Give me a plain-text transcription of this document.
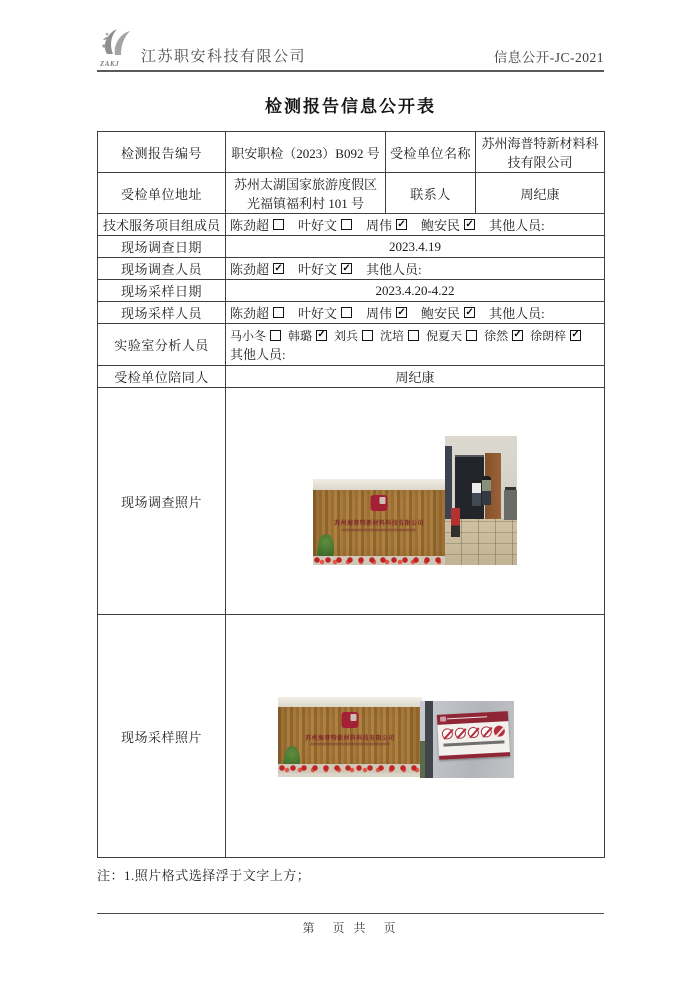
ZAKJ 江苏职安科技有限公司	信息公开-JC-2021
检测报告信息公开表
检测报告编号	职安职检（2023）B092 号	受检单位名称	苏州海普特新材料科技有限公司
受检单位地址	苏州太湖国家旅游度假区光福镇福利村 101 号	联系人	周纪康
技术服务项目组成员	陈劲超 叶好文 周伟 ✓ 鲍安民 ✓ 其他人员:

现场调查日期	2023.4.19		
现场调查人员	陈劲超 ✓ 叶好文 ✓ 其他人员:		

现场采样日期	2023.4.20-4.22		
现场采样人员	陈劲超 叶好文 周伟 ✓ 鲍安民 ✓ 其他人员:

实验室分析人员	
马小冬 韩璐 ✓ 刘兵 沈培 倪夏天 徐然 ✓ 徐朗梓 ✓
其他人员:

受检单位陪同人	周纪康		
现场调查照片	苏州海普特新材料科技有限公司		

现场采样照片	苏州海普特新材料科技有限公司		
注：1.照片格式选择浮于文字上方；
第　页 共　页
